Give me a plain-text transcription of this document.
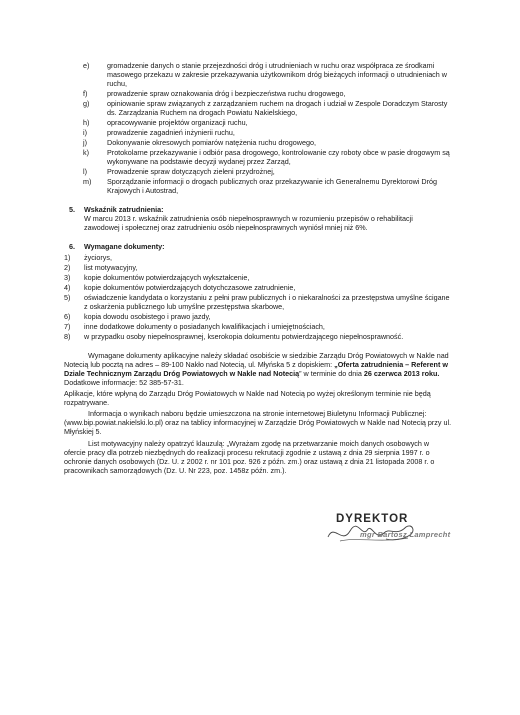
e) gromadzenie danych o stanie przejezdności dróg i utrudnieniach w ruchu oraz współpraca ze środkami
masowego przekazu w zakresie przekazywania użytkownikom dróg bieżących informacji o utrudnieniach w
ruchu,
f)	prowadzenie spraw oznakowania dróg i bezpieczeństwa ruchu drogowego,
g) opiniowanie spraw związanych z zarządzaniem ruchem na drogach i udział w Zespole Doradczym Starosty
ds. Zarządzania Ruchem na drogach Powiatu Nakielskiego,
h) opracowywanie projektów organizacji ruchu,
i)	prowadzenie zagadnień inżynierii ruchu,
j)	Dokonywanie okresowych pomiarów natężenia ruchu drogowego,
k)	Protokolarne przekazywanie i odbiór pasa drogowego, kontrolowanie czy roboty obce w pasie drogowym są
wykonywane na podstawie decyzji wydanej przez Zarząd,
l)	Prowadzenie spraw dotyczących zieleni przydrożnej,
m) Sporządzanie informacji o drogach publicznych oraz przekazywanie ich Generalnemu Dyrektorowi Dróg
Krajowych i Autostrad,
5. Wskaźnik zatrudnienia:
W marcu 2013 r. wskaźnik zatrudnienia osób niepełnosprawnych w rozumieniu przepisów o rehabilitacji
zawodowej i społecznej oraz zatrudnieniu osób niepełnosprawnych wyniósł mniej niż 6%.
6. Wymagane dokumenty:
1) życiorys,
2) list motywacyjny,
3) kopie dokumentów potwierdzających wykształcenie,
4) kopie dokumentów potwierdzających dotychczasowe zatrudnienie,
5) oświadczenie kandydata o korzystaniu z pełni praw publicznych i o niekaralności za przestępstwa umyślne ścigane
z oskarżenia publicznego lub umyślne przestępstwa skarbowe,
6) kopia dowodu osobistego i prawo jazdy,
7) inne dodatkowe dokumenty o posiadanych kwalifikacjach i umiejętnościach,
8) w przypadku osoby niepełnosprawnej, kserokopia dokumentu potwierdzającego niepełnosprawność.
Wymagane dokumenty aplikacyjne należy składać osobiście w siedzibie Zarządu Dróg Powiatowych w Nakle nad
Notecią lub pocztą na adres – 89-100 Nakło nad Notecią, ul. Młyńska 5 z dopiskiem: „Oferta zatrudnienia – Referent w
Dziale Technicznym Zarządu Dróg Powiatowych w Nakle nad Notecią” w terminie do dnia 26 czerwca 2013 roku.
Dodatkowe informacje: 52 385-57-31.
Aplikacje, które wpłyną do Zarządu Dróg Powiatowych w Nakle nad Notecią po wyżej określonym terminie nie będą
rozpatrywane.
Informacja o wynikach naboru będzie umieszczona na stronie internetowej Biuletynu Informacji Publicznej:
(www.bip.powiat.nakielski.lo.pl) oraz na tablicy informacyjnej w Zarządzie Dróg Powiatowych w Nakle nad Notecią przy ul.
Młyńskiej 5.
List motywacyjny należy opatrzyć klauzulą: „Wyrażam zgodę na przetwarzanie moich danych osobowych w
ofercie pracy dla potrzeb niezbędnych do realizacji procesu rekrutacji zgodnie z ustawą z dnia 29 sierpnia 1997 r. o
ochronie danych osobowych (Dz. U. z 2002 r. nr 101 poz. 926 z późn. zm.) oraz ustawą z dnia 21 listopada 2008 r. o
pracownikach samorządowych (Dz. U. Nr 223, poz. 1458z późn. zm.).
DYREKTOR
mgr Bartosz Lamprecht
